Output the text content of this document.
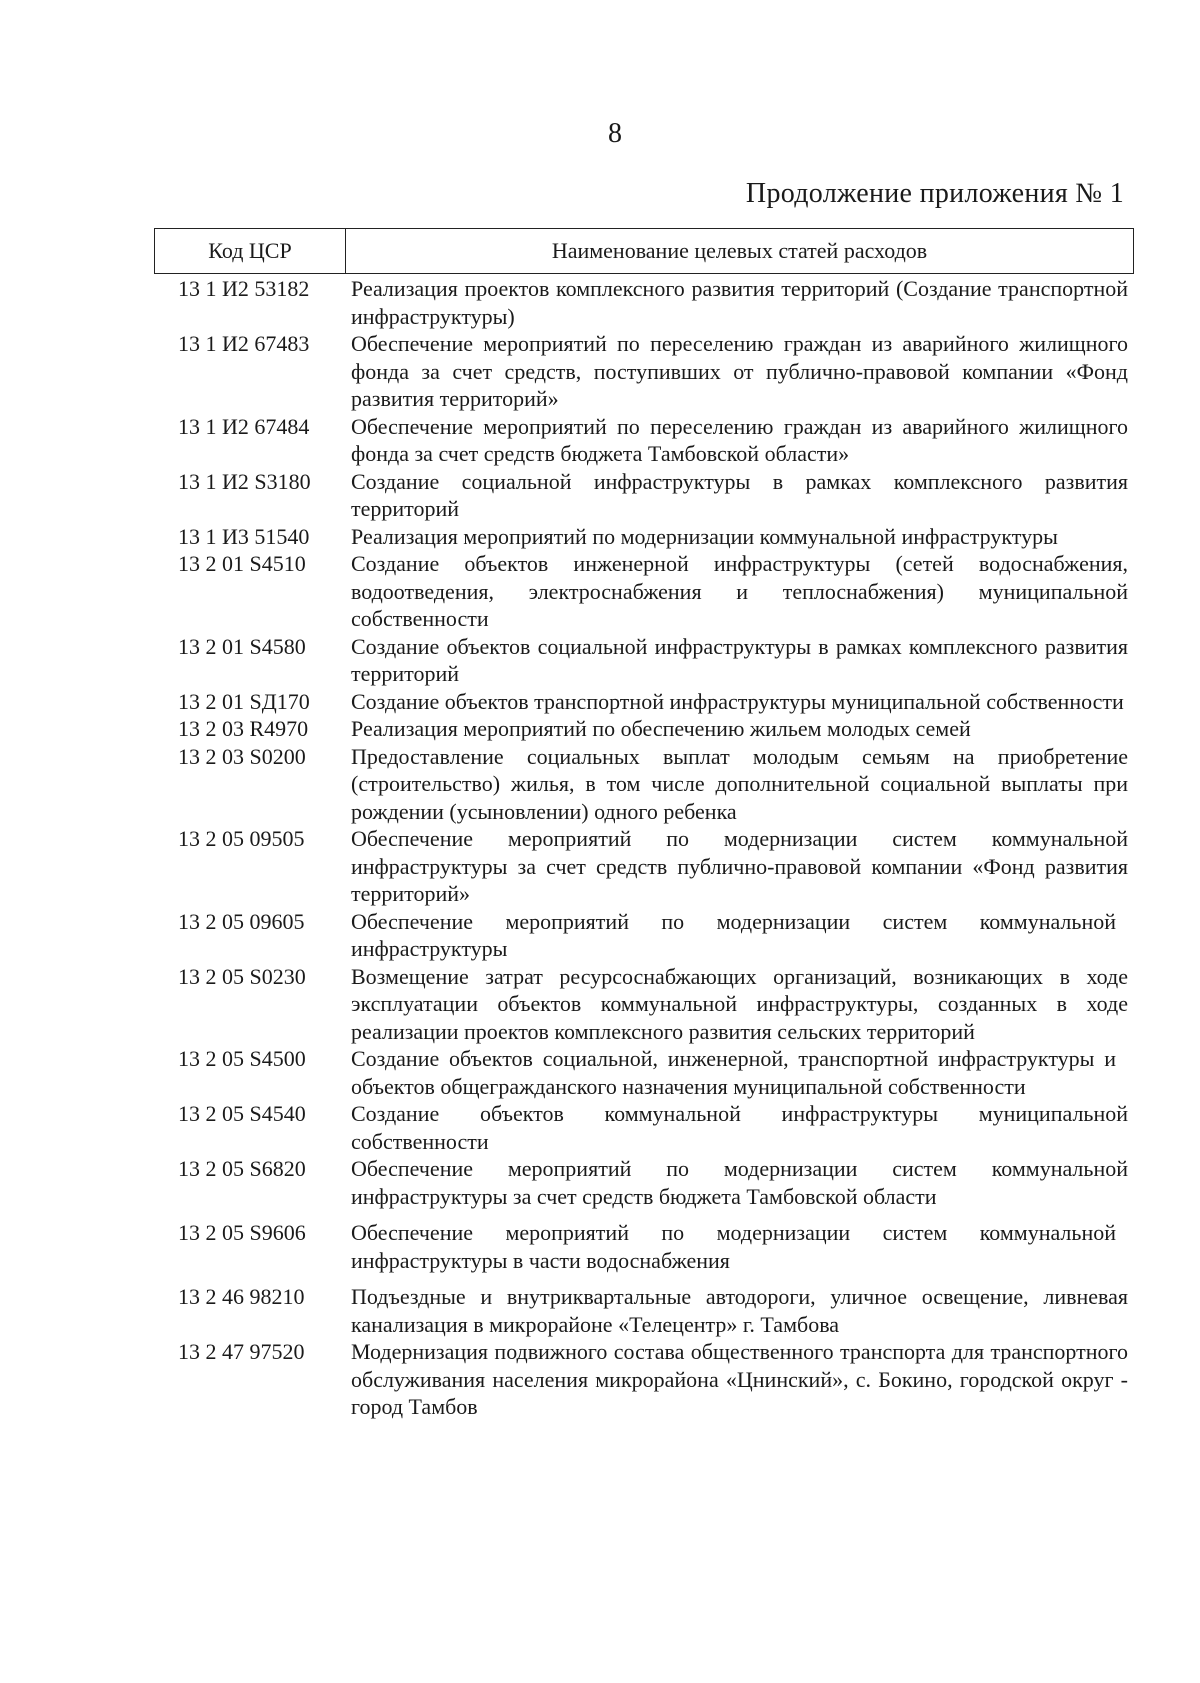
8
Продолжение приложения № 1
Код ЦСР	Наименование целевых статей расходов
13 1 И2 53182	Реализация проектов комплексного развития территорий (Создание транспортной инфраструктуры)
13 1 И2 67483	Обеспечение мероприятий по переселению граждан из аварийного жилищного фонда за счет средств, поступивших от публично-правовой компании «Фонд развития территорий»
13 1 И2 67484	Обеспечение мероприятий по переселению граждан из аварийного жилищного фонда за счет средств бюджета Тамбовской области»
13 1 И2 S3180	Создание социальной инфраструктуры в рамках комплексного развития территорий
13 1 И3 51540	Реализация мероприятий по модернизации коммунальной инфраструктуры
13 2 01 S4510	Создание объектов инженерной инфраструктуры (сетей водоснабжения, водоотведения, электроснабжения и теплоснабжения) муниципальной собственности
13 2 01 S4580	Создание объектов социальной инфраструктуры в рамках комплексного развития территорий
13 2 01 SД170	Создание объектов транспортной инфраструктуры муниципальной собственности
13 2 03 R4970	Реализация мероприятий по обеспечению жильем молодых семей
13 2 03 S0200	Предоставление социальных выплат молодым семьям на приобретение (строительство) жилья, в том числе дополнительной социальной выплаты при рождении (усыновлении) одного ребенка
13 2 05 09505	Обеспечение мероприятий по модернизации систем коммунальной инфраструктуры за счет средств публично-правовой компании «Фонд развития территорий»
13 2 05 09605	Обеспечение мероприятий по модернизации систем коммунальной инфраструктуры
13 2 05 S0230	Возмещение затрат ресурсоснабжающих организаций, возникающих в ходе эксплуатации объектов коммунальной инфраструктуры, созданных в ходе реализации проектов комплексного развития сельских территорий
13 2 05 S4500	Создание объектов социальной, инженерной, транспортной инфраструктуры и объектов общегражданского назначения муниципальной собственности
13 2 05 S4540	Создание объектов коммунальной инфраструктуры муниципальной собственности
13 2 05 S6820	Обеспечение мероприятий по модернизации систем коммунальной инфраструктуры за счет средств бюджета Тамбовской области
13 2 05 S9606	Обеспечение мероприятий по модернизации систем коммунальной инфраструктуры в части водоснабжения
13 2 46 98210	Подъездные и внутриквартальные автодороги, уличное освещение, ливневая канализация в микрорайоне «Телецентр» г. Тамбова
13 2 47 97520	Модернизация подвижного состава общественного транспорта для транспортного обслуживания населения микрорайона «Цнинский», с. Бокино, городской округ - город Тамбов
